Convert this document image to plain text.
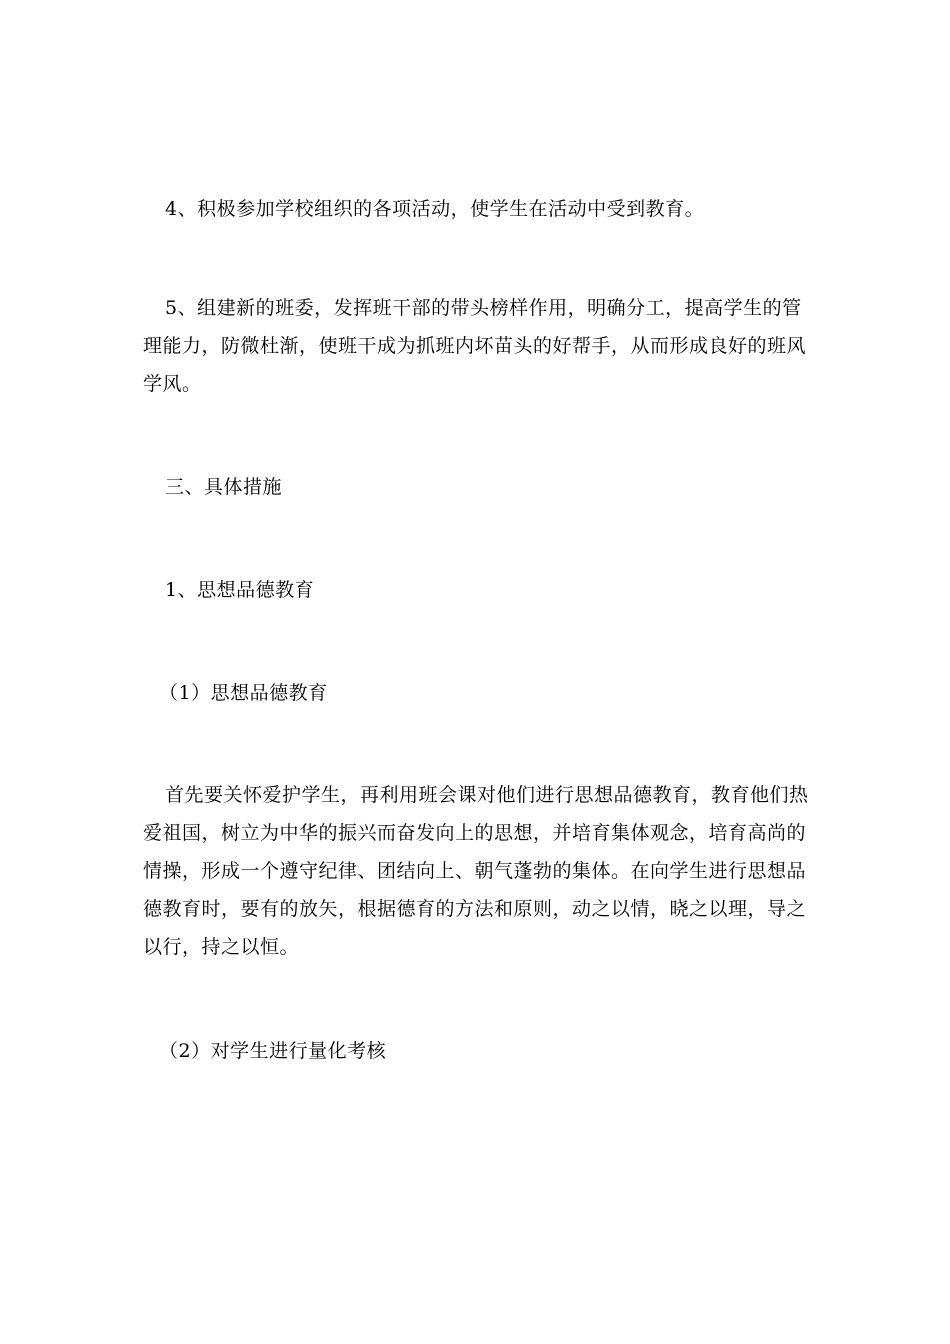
4、积极参加学校组织的各项活动，使学生在活动中受到教育。

5、组建新的班委，发挥班干部的带头榜样作用，明确分工，提高学生的管理能力，防微杜渐，使班干成为抓班内坏苗头的好帮手，从而形成良好的班风学风。

三、具体措施

1、思想品德教育

（1）思想品德教育

首先要关怀爱护学生，再利用班会课对他们进行思想品德教育，教育他们热爱祖国，树立为中华的振兴而奋发向上的思想，并培育集体观念，培育高尚的情操，形成一个遵守纪律、团结向上、朝气蓬勃的集体。在向学生进行思想品德教育时，要有的放矢，根据德育的方法和原则，动之以情，晓之以理，导之以行，持之以恒。

（2）对学生进行量化考核
